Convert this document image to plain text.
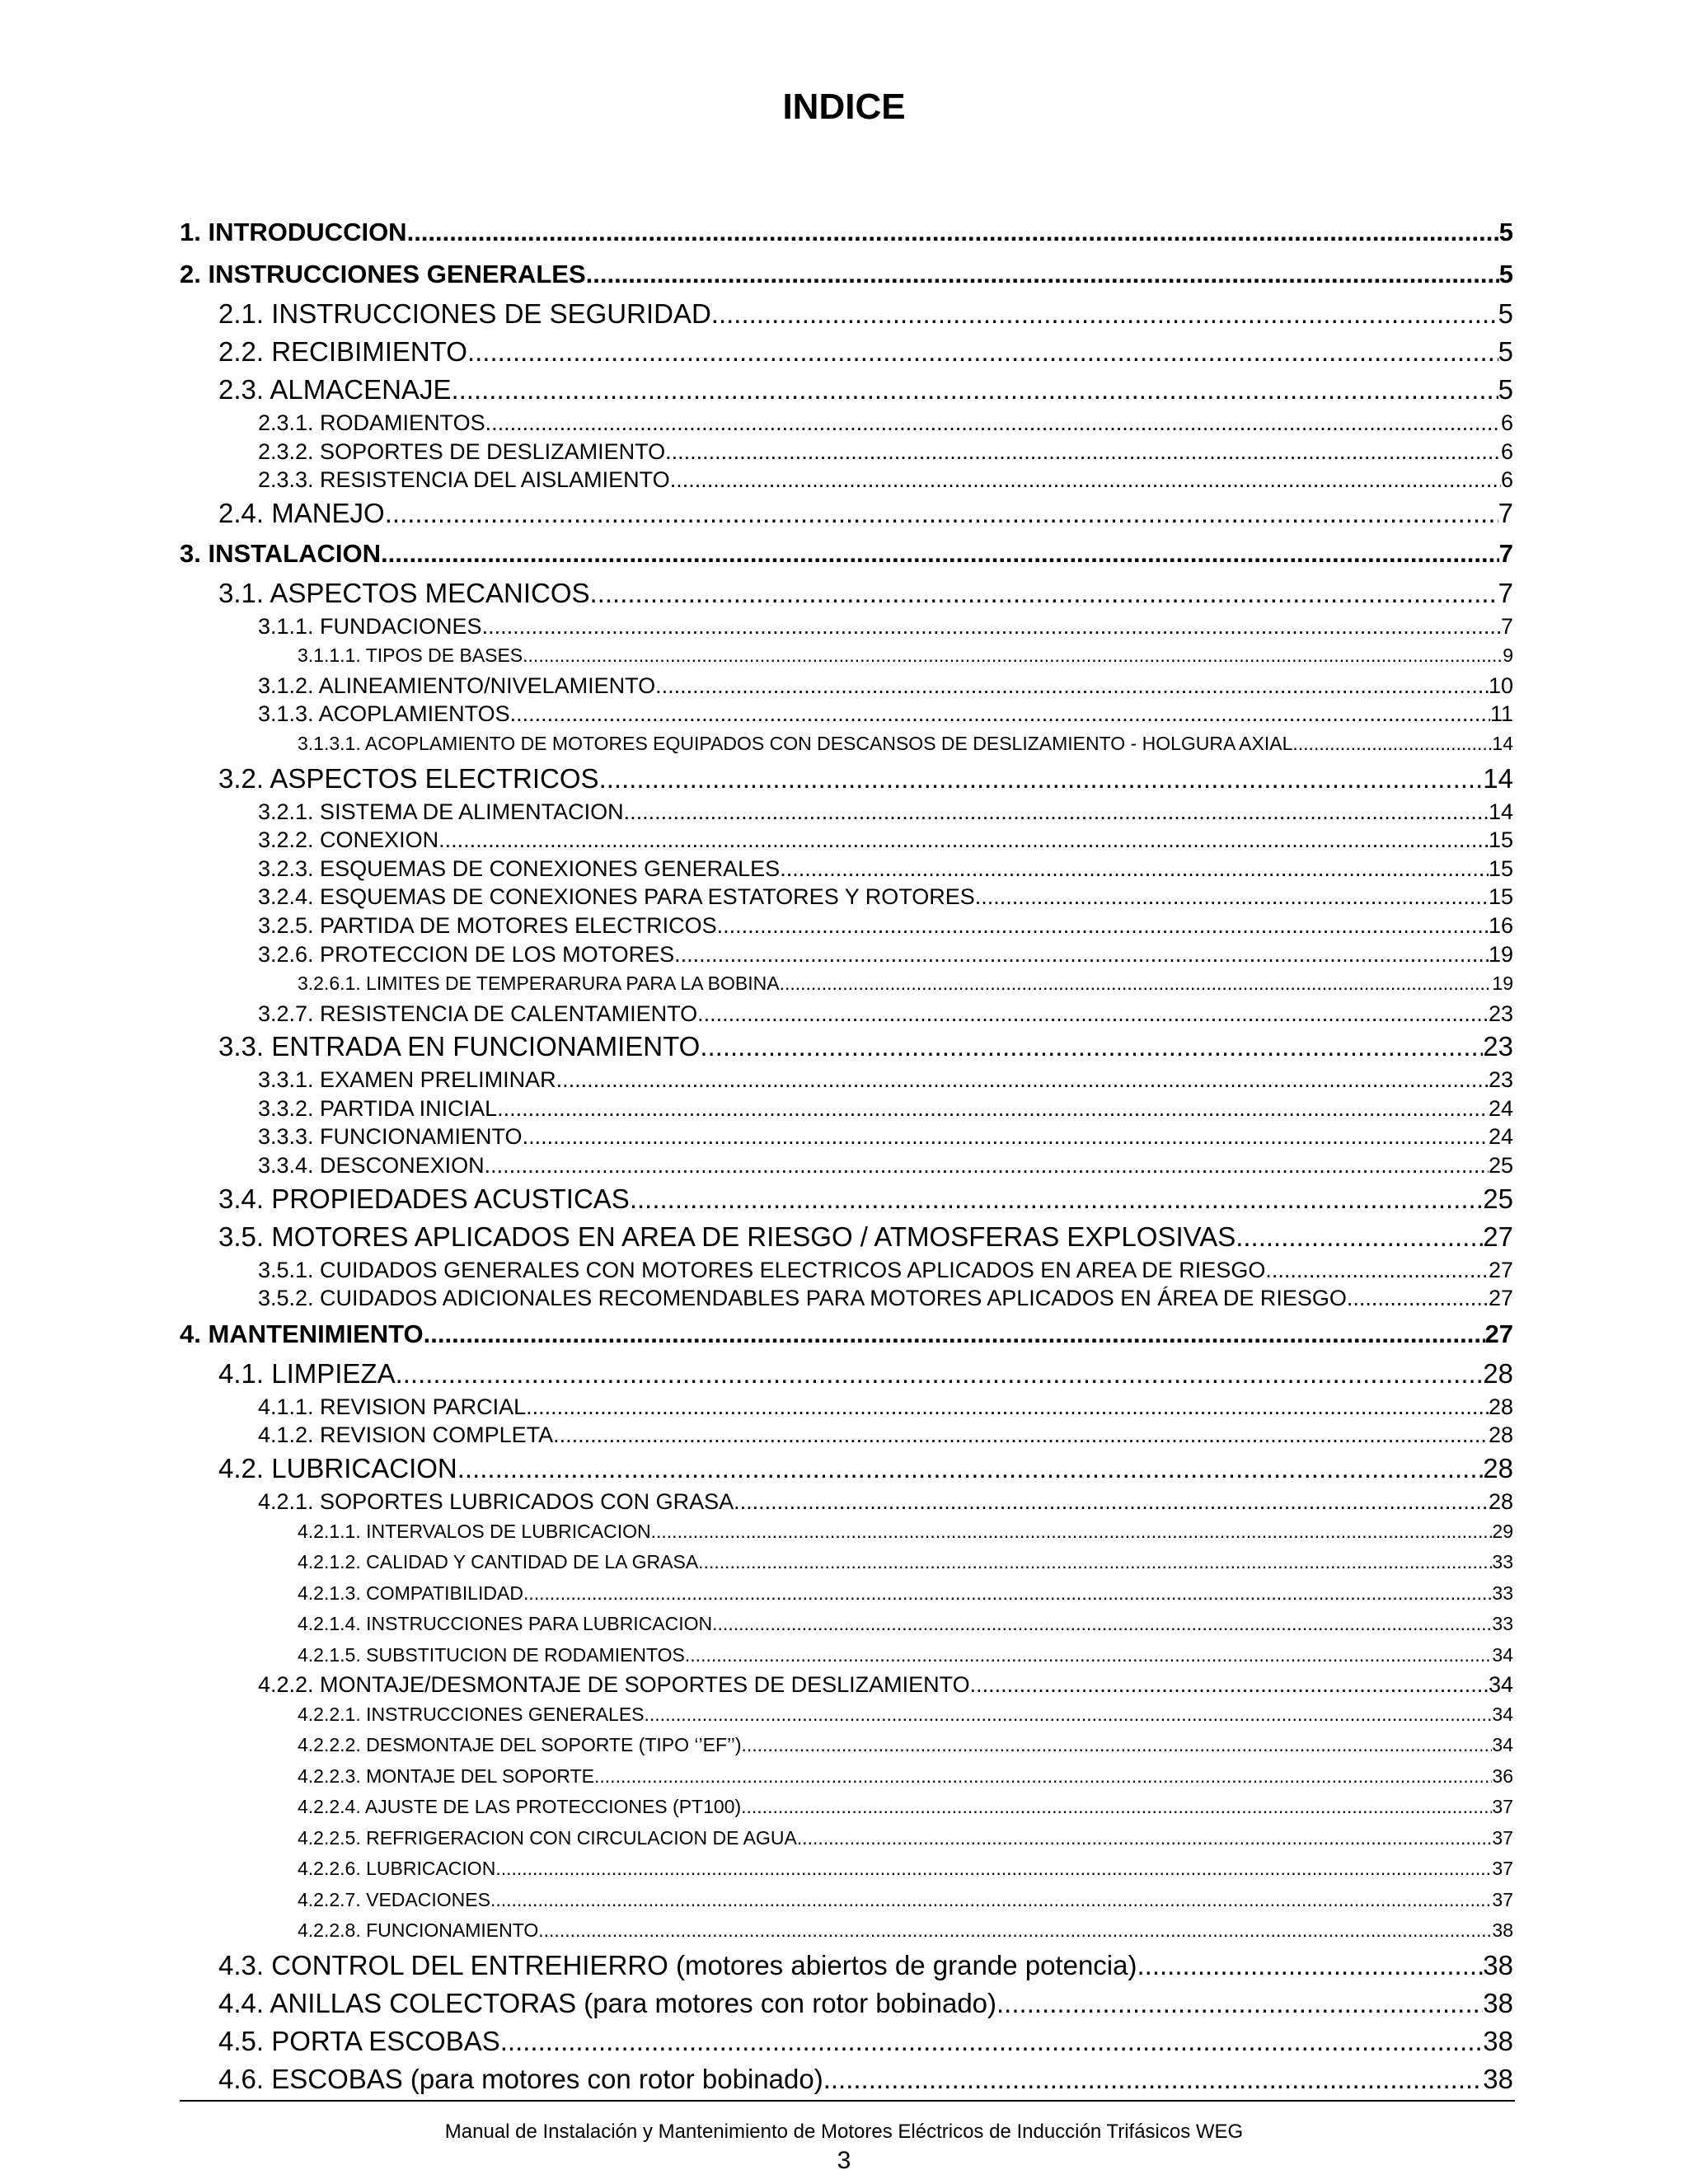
INDICE
1. INTRODUCCION .....	5
2. INSTRUCCIONES GENERALES .....	5
2.1. INSTRUCCIONES DE SEGURIDAD .....	5
2.2. RECIBIMIENTO .....	5
2.3. ALMACENAJE .....	5
2.3.1. RODAMIENTOS .....	6
2.3.2. SOPORTES DE DESLIZAMIENTO .....	6
2.3.3. RESISTENCIA DEL AISLAMIENTO .....	6
2.4. MANEJO .....	7
3. INSTALACION .....	7
3.1. ASPECTOS MECANICOS .....	7
3.1.1. FUNDACIONES .....	7
3.1.1.1. TIPOS DE BASES .....	9
3.1.2. ALINEAMIENTO/NIVELAMIENTO .....	10
3.1.3. ACOPLAMIENTOS .....	11
3.1.3.1. ACOPLAMIENTO DE MOTORES EQUIPADOS CON DESCANSOS DE DESLIZAMIENTO - HOLGURA AXIAL .....	14
3.2. ASPECTOS ELECTRICOS .....	14
3.2.1. SISTEMA DE ALIMENTACION .....	14
3.2.2. CONEXION .....	15
3.2.3. ESQUEMAS DE CONEXIONES GENERALES .....	15
3.2.4. ESQUEMAS DE CONEXIONES PARA ESTATORES Y ROTORES .....	15
3.2.5. PARTIDA DE MOTORES ELECTRICOS .....	16
3.2.6. PROTECCION DE LOS MOTORES .....	19
3.2.6.1. LIMITES DE TEMPERARURA PARA LA BOBINA .....	19
3.2.7. RESISTENCIA DE CALENTAMIENTO .....	23
3.3. ENTRADA EN FUNCIONAMIENTO .....	23
3.3.1. EXAMEN PRELIMINAR .....	23
3.3.2. PARTIDA INICIAL .....	24
3.3.3. FUNCIONAMIENTO .....	24
3.3.4. DESCONEXION .....	25
3.4. PROPIEDADES ACUSTICAS .....	25
3.5. MOTORES APLICADOS EN AREA DE RIESGO / ATMOSFERAS EXPLOSIVAS .....	27
3.5.1. CUIDADOS GENERALES CON MOTORES ELECTRICOS APLICADOS EN AREA DE RIESGO .....	27
3.5.2. CUIDADOS ADICIONALES RECOMENDABLES PARA MOTORES APLICADOS EN ÁREA DE RIESGO .....	27
4. MANTENIMIENTO .....	27
4.1. LIMPIEZA .....	28
4.1.1. REVISION PARCIAL .....	28
4.1.2. REVISION COMPLETA .....	28
4.2. LUBRICACION .....	28
4.2.1. SOPORTES LUBRICADOS CON GRASA .....	28
4.2.1.1. INTERVALOS DE LUBRICACION .....	29
4.2.1.2. CALIDAD Y CANTIDAD DE LA GRASA .....	33
4.2.1.3. COMPATIBILIDAD .....	33
4.2.1.4. INSTRUCCIONES PARA LUBRICACION .....	33
4.2.1.5. SUBSTITUCION DE RODAMIENTOS .....	34
4.2.2. MONTAJE/DESMONTAJE DE SOPORTES DE DESLIZAMIENTO .....	34
4.2.2.1. INSTRUCCIONES GENERALES .....	34
4.2.2.2. DESMONTAJE DEL SOPORTE (TIPO ‘’EF’’) .....	34
4.2.2.3. MONTAJE DEL SOPORTE .....	36
4.2.2.4. AJUSTE DE LAS PROTECCIONES (PT100) .....	37
4.2.2.5. REFRIGERACION CON CIRCULACION DE AGUA .....	37
4.2.2.6. LUBRICACION .....	37
4.2.2.7. VEDACIONES .....	37
4.2.2.8. FUNCIONAMIENTO .....	38
4.3. CONTROL DEL ENTREHIERRO (motores abiertos de grande potencia) .....	38
4.4. ANILLAS COLECTORAS (para motores con rotor bobinado) .....	38
4.5. PORTA ESCOBAS .....	38
4.6. ESCOBAS (para motores con rotor bobinado) .....	38
Manual de Instalación y Mantenimiento de Motores Eléctricos de Inducción Trifásicos WEG
3
